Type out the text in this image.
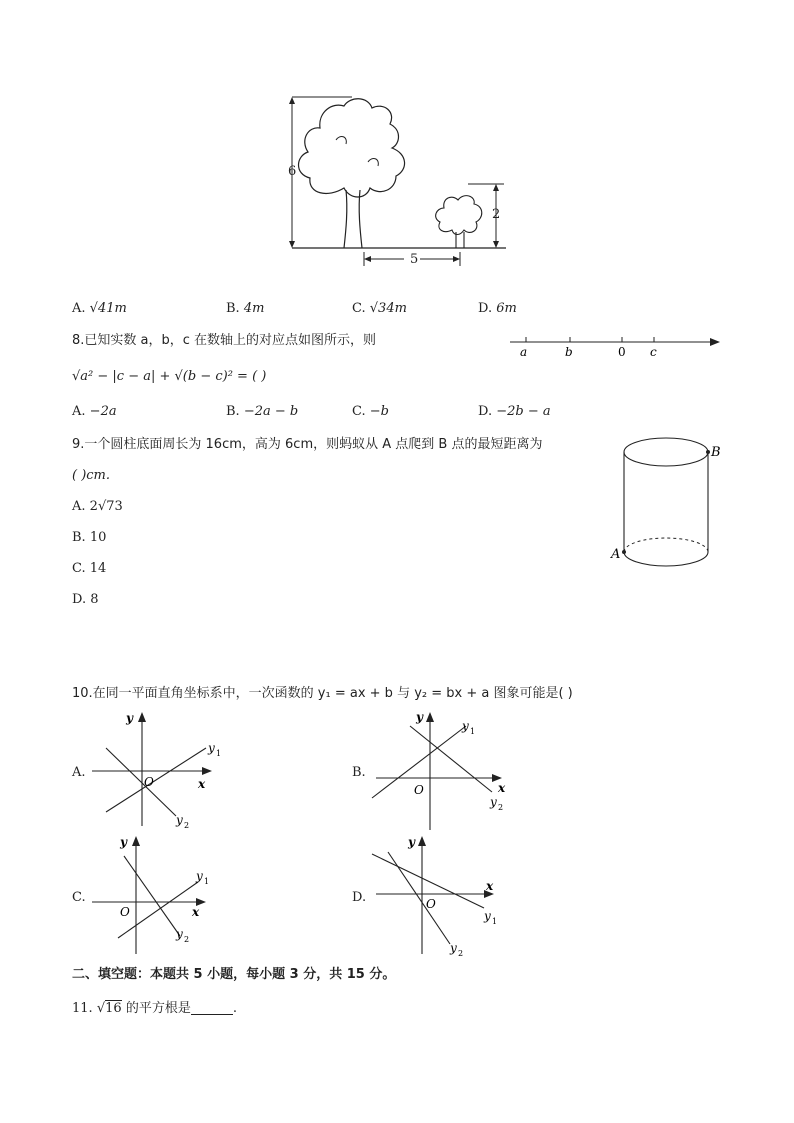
6
2
5
A. √41m	B. 4m	C. √34m	D. 6m
8.已知实数 a，b，c 在数轴上的对应点如图所示，则
√a² − |c − a| + √(b − c)² = ( )
a	b	0 c
A. −2a	B. −2a − b	C. −b	D. −2b − a
9.一个圆柱底面周长为 16cm，高为 6cm，则蚂蚁从 A 点爬到 B 点的最短距离为
( )cm.
A. 2√73
B. 10
C. 14
D. 8
A
B
10.在同一平面直角坐标系中，一次函数的 y₁ = ax + b 与 y₂ = bx + a 图象可能是( )
A.	B.
C.	D.
y
x
O
y 1
y 2
y
x
O
y 1
y 2
y
x
O
y 1
y 2
y
x
O
y 1
y 2
二、填空题：本题共 5 小题，每小题 3 分，共 15 分。
11. √16 的平方根是	.
